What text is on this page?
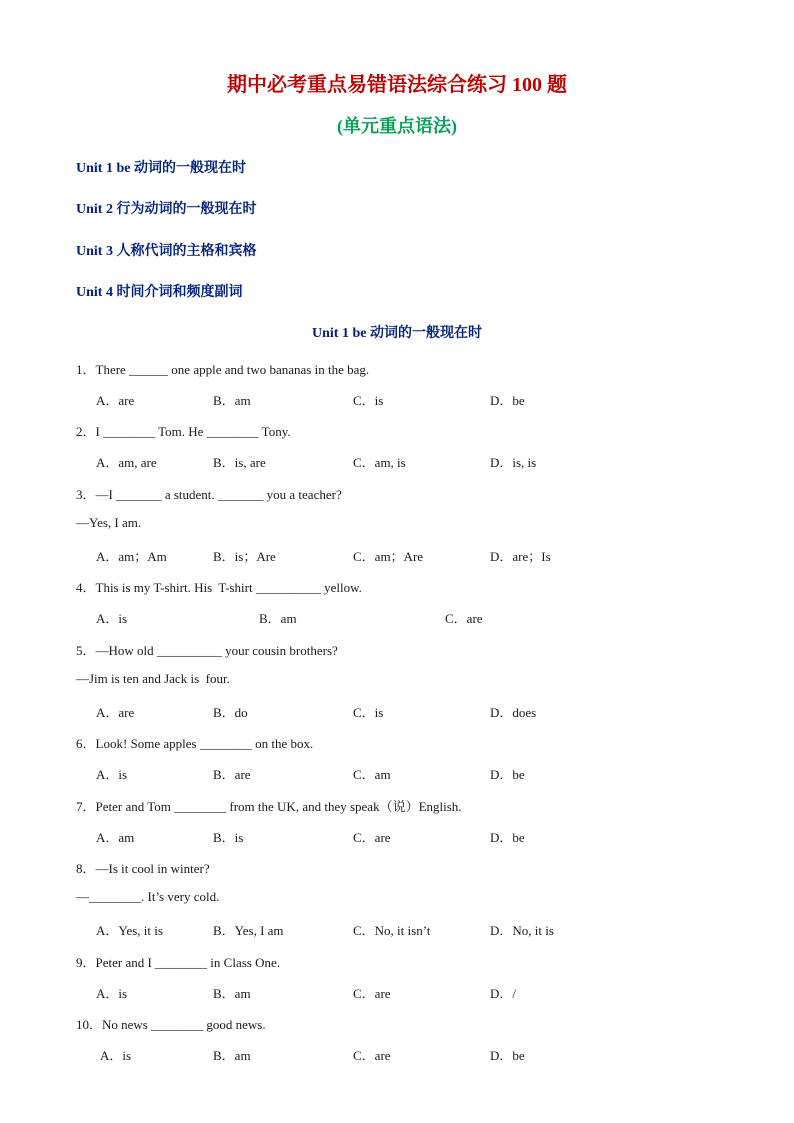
期中必考重点易错语法综合练习 100 题
(单元重点语法)
Unit 1 be 动词的一般现在时
Unit 2 行为动词的一般现在时
Unit 3 人称代词的主格和宾格
Unit 4 时间介词和频度副词
Unit 1 be 动词的一般现在时
1．There ______ one apple and two bananas in the bag.
A．are	B．am	C．is	D．be
2．I ________ Tom. He ________ Tony.
A．am, are	B．is, are	C．am, is	D．is, is
3．—I _______ a student. _______ you a teacher?
—Yes, I am.
A．am；Am	B．is；Are	C．am；Are	D．are；Is
4．This is my T-shirt. His  T-shirt __________ yellow.
A．is	B．am	C．are
5．—How old __________ your cousin brothers?
—Jim is ten and Jack is  four.
A．are	B．do	C．is	D．does
6．Look! Some apples ________ on the box.
A．is	B．are	C．am	D．be
7．Peter and Tom ________ from the UK, and they speak（说）English.
A．am	B．is	C．are	D．be
8．—Is it cool in winter?
—________. It’s very cold.
A．Yes, it is	B．Yes, I am	C．No, it isn’t	D．No, it is
9．Peter and I ________ in Class One.
A．is	B．am	C．are	D．/
10．No news ________ good news.
A．is	B．am	C．are	D．be
